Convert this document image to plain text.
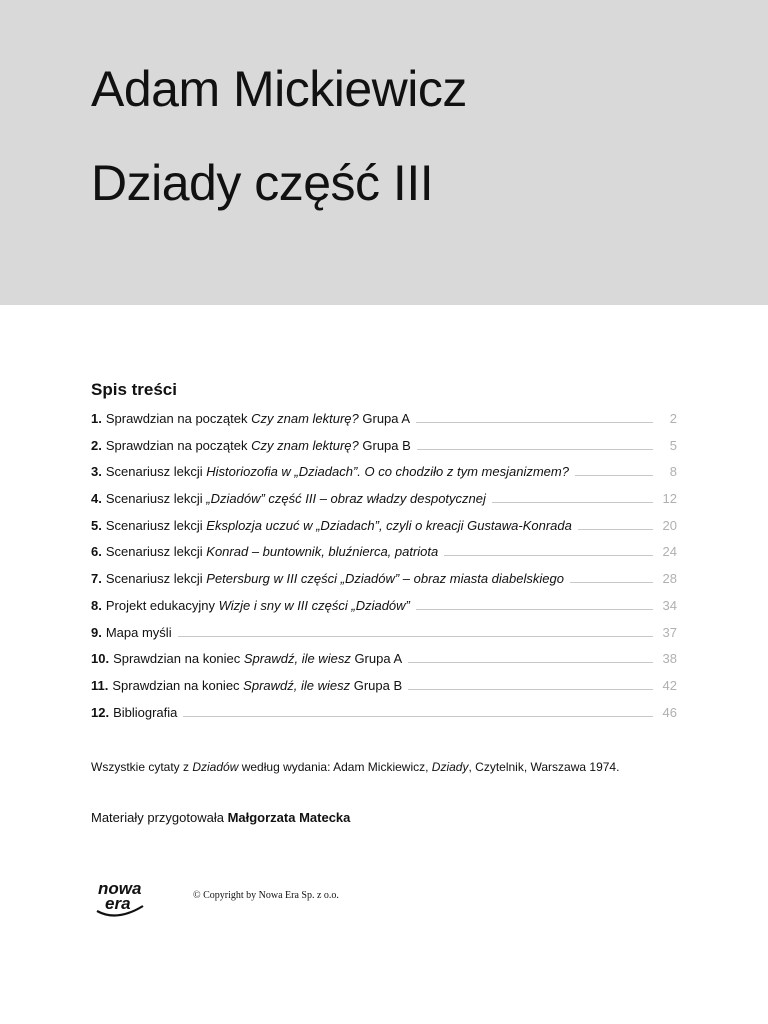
Adam Mickiewicz
Dziady część III
Spis treści
1. Sprawdzian na początek Czy znam lekturę? Grupa A	2
2. Sprawdzian na początek Czy znam lekturę? Grupa B	5
3. Scenariusz lekcji Historiozofia w „Dziadach”. O co chodziło z tym mesjanizmem?	8
4. Scenariusz lekcji „Dziadów” część III – obraz władzy despotycznej	12
5. Scenariusz lekcji Eksplozja uczuć w „Dziadach”, czyli o kreacji Gustawa-Konrada	20
6. Scenariusz lekcji Konrad – buntownik, bluźnierca, patriota	24
7. Scenariusz lekcji Petersburg w III części „Dziadów” – obraz miasta diabelskiego	28
8. Projekt edukacyjny Wizje i sny w III części „Dziadów”	34
9. Mapa myśli	37
10. Sprawdzian na koniec Sprawdź, ile wiesz Grupa A	38
11. Sprawdzian na koniec Sprawdź, ile wiesz Grupa B	42
12. Bibliografia	46
Wszystkie cytaty z Dziadów według wydania: Adam Mickiewicz, Dziady, Czytelnik, Warszawa 1974.
Materiały przygotowała Małgorzata Matecka
nowa
era	© Copyright by Nowa Era Sp. z o.o.
